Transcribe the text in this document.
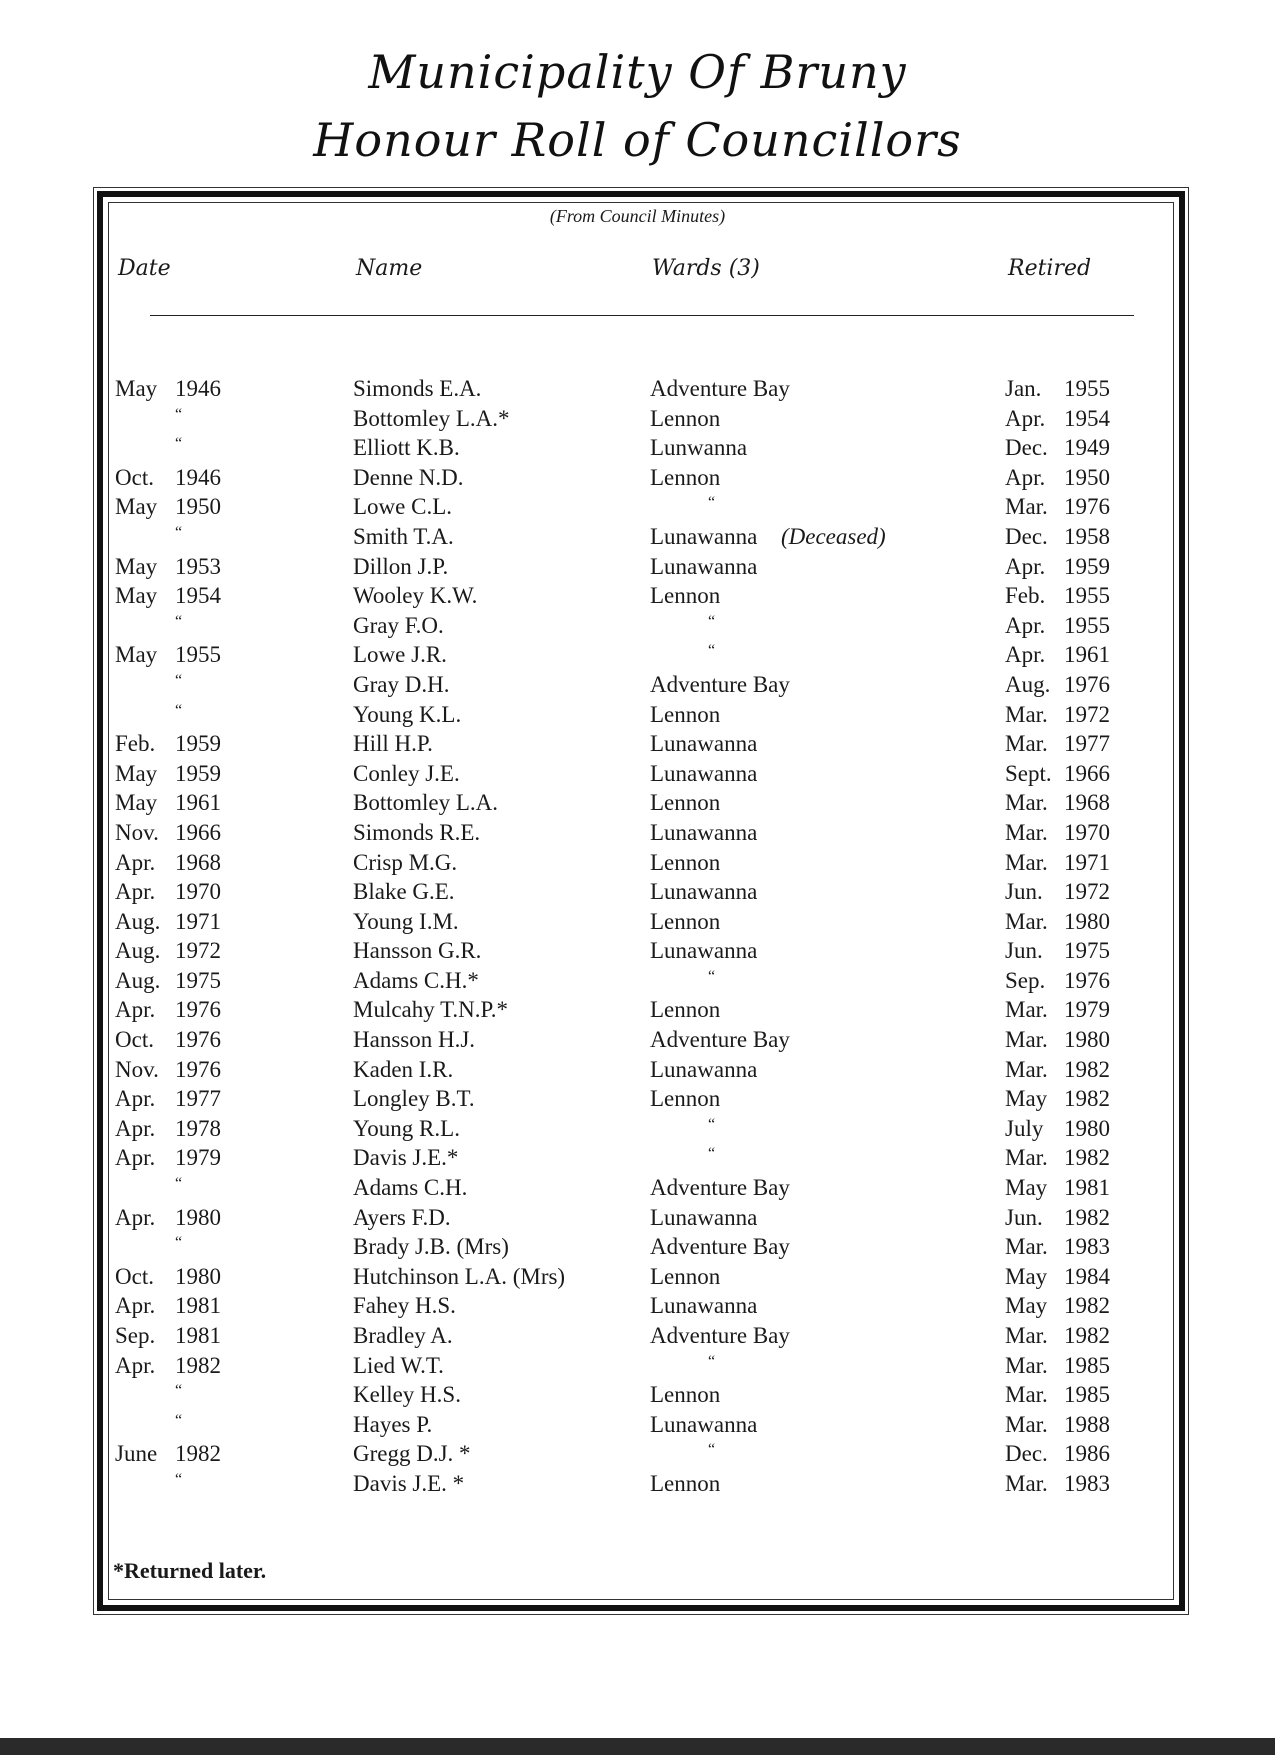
Municipality Of Bruny
Honour Roll of Councillors
(From Council Minutes)
Date	Name	Wards (3)	Retired
May 1946	Simonds E.A.	Adventure Bay	Jan. 1955
“	Bottomley L.A.*	Lennon	Apr. 1954
“	Elliott K.B.	Lunwanna	Dec. 1949
Oct. 1946	Denne N.D.	Lennon	Apr. 1950
May 1950	Lowe C.L.	“	Mar. 1976
“	Smith T.A.	Lunawanna (Deceased)	Dec. 1958
May 1953	Dillon J.P.	Lunawanna	Apr. 1959
May 1954	Wooley K.W.	Lennon	Feb. 1955
“	Gray F.O.	“	Apr. 1955
May 1955	Lowe J.R.	“	Apr. 1961
“	Gray D.H.	Adventure Bay	Aug. 1976
“	Young K.L.	Lennon	Mar. 1972
Feb. 1959	Hill H.P.	Lunawanna	Mar. 1977
May 1959	Conley J.E.	Lunawanna	Sept. 1966
May 1961	Bottomley L.A.	Lennon	Mar. 1968
Nov. 1966	Simonds R.E.	Lunawanna	Mar. 1970
Apr. 1968	Crisp M.G.	Lennon	Mar. 1971
Apr. 1970	Blake G.E.	Lunawanna	Jun. 1972
Aug. 1971	Young I.M.	Lennon	Mar. 1980
Aug. 1972	Hansson G.R.	Lunawanna	Jun. 1975
Aug. 1975	Adams C.H.*	“	Sep. 1976
Apr. 1976	Mulcahy T.N.P.*	Lennon	Mar. 1979
Oct. 1976	Hansson H.J.	Adventure Bay	Mar. 1980
Nov. 1976	Kaden I.R.	Lunawanna	Mar. 1982
Apr. 1977	Longley B.T.	Lennon	May 1982
Apr. 1978	Young R.L.	“	July 1980
Apr. 1979	Davis J.E.*	“	Mar. 1982
“	Adams C.H.	Adventure Bay	May 1981
Apr. 1980	Ayers F.D.	Lunawanna	Jun. 1982
“	Brady J.B. (Mrs)	Adventure Bay	Mar. 1983
Oct. 1980	Hutchinson L.A. (Mrs)	Lennon	May 1984
Apr. 1981	Fahey H.S.	Lunawanna	May 1982
Sep. 1981	Bradley A.	Adventure Bay	Mar. 1982
Apr. 1982	Lied W.T.	“	Mar. 1985
“	Kelley H.S.	Lennon	Mar. 1985
“	Hayes P.	Lunawanna	Mar. 1988
June 1982	Gregg D.J. *	“	Dec. 1986
“	Davis J.E. *	Lennon	Mar. 1983
*Returned later.
